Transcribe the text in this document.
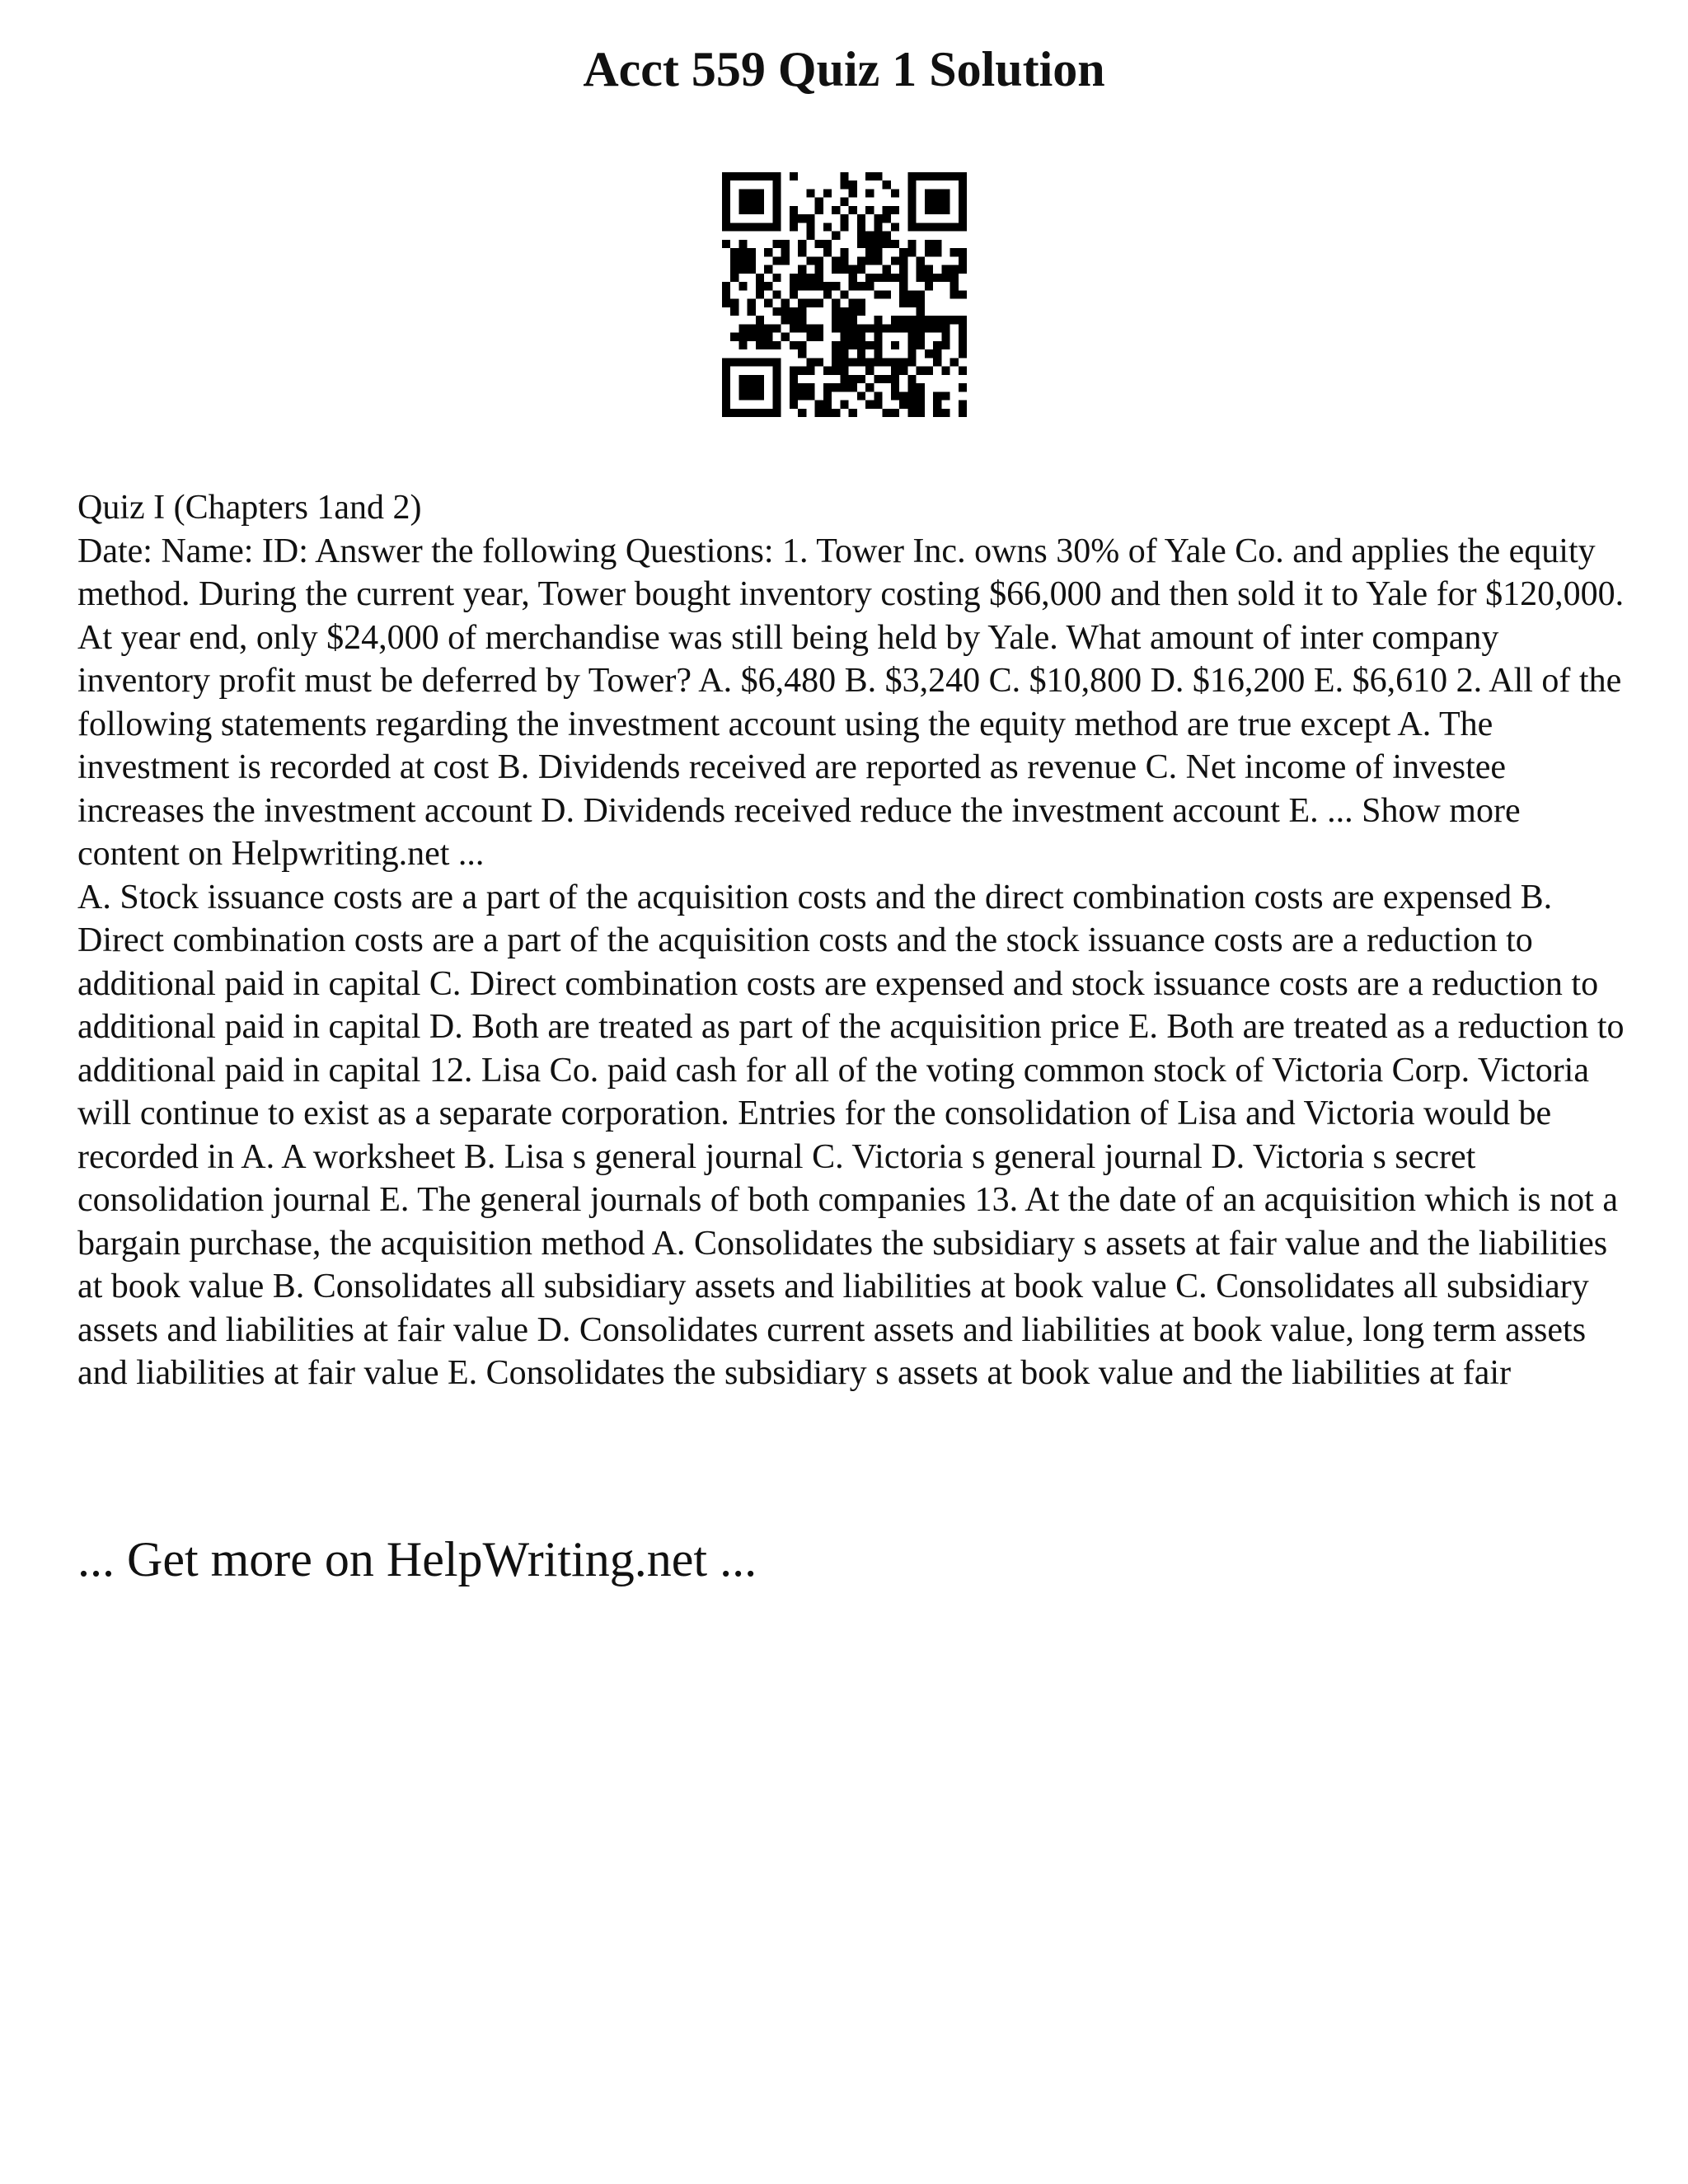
Acct 559 Quiz 1 Solution

Quiz I (Chapters 1and 2)

Date: Name: ID: Answer the following Questions: 1. Tower Inc. owns 30% of Yale Co. and applies the equity method. During the current year, Tower bought inventory costing $66,000 and then sold it to Yale for $120,000. At year end, only $24,000 of merchandise was still being held by Yale. What amount of inter company inventory profit must be deferred by Tower? A. $6,480 B. $3,240 C. $10,800 D. $16,200 E. $6,610 2. All of the following statements regarding the investment account using the equity method are true except A. The investment is recorded at cost B. Dividends received are reported as revenue C. Net income of investee increases the investment account D. Dividends received reduce the investment account E. ... Show more content on Helpwriting.net ...

A. Stock issuance costs are a part of the acquisition costs and the direct combination costs are expensed B. Direct combination costs are a part of the acquisition costs and the stock issuance costs are a reduction to additional paid in capital C. Direct combination costs are expensed and stock issuance costs are a reduction to additional paid in capital D. Both are treated as part of the acquisition price E. Both are treated as a reduction to additional paid in capital 12. Lisa Co. paid cash for all of the voting common stock of Victoria Corp. Victoria will continue to exist as a separate corporation. Entries for the consolidation of Lisa and Victoria would be recorded in A. A worksheet B. Lisa s general journal C. Victoria s general journal D. Victoria s secret consolidation journal E. The general journals of both companies 13. At the date of an acquisition which is not a bargain purchase, the acquisition method A. Consolidates the subsidiary s assets at fair value and the liabilities at book value B. Consolidates all subsidiary assets and liabilities at book value C. Consolidates all subsidiary assets and liabilities at fair value D. Consolidates current assets and liabilities at book value, long term assets and liabilities at fair value E. Consolidates the subsidiary s assets at book value and the liabilities at fair

... Get more on HelpWriting.net ...
